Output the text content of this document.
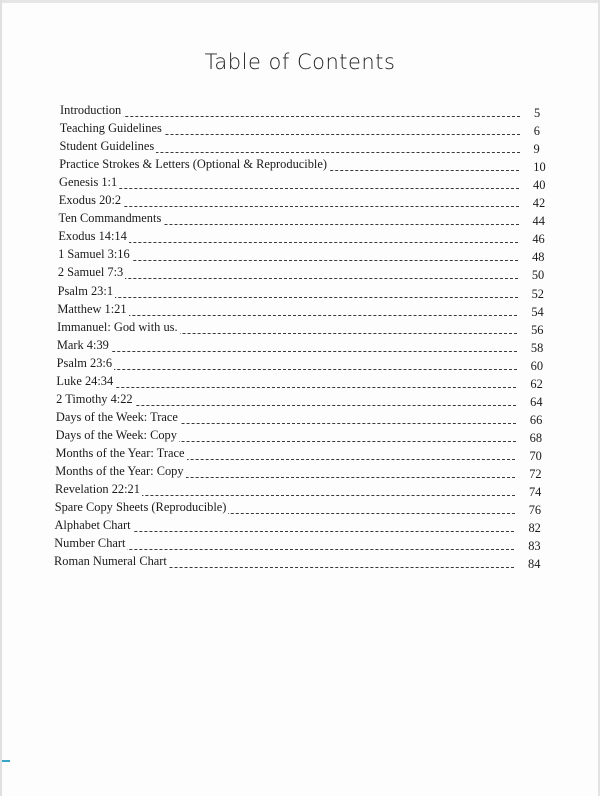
Table of Contents
Introduction	5
Teaching Guidelines	6
Student Guidelines	9
Practice Strokes & Letters (Optional & Reproducible)	10
Genesis 1:1	40
Exodus 20:2	42
Ten Commandments	44
Exodus 14:14	46
1 Samuel 3:16	48
2 Samuel 7:3	50
Psalm 23:1	52
Matthew 1:21	54
Immanuel: God with us.	56
Mark 4:39	58
Psalm 23:6	60
Luke 24:34	62
2 Timothy 4:22	64
Days of the Week: Trace	66
Days of the Week: Copy	68
Months of the Year: Trace	70
Months of the Year: Copy	72
Revelation 22:21	74
Spare Copy Sheets (Reproducible)	76
Alphabet Chart	82
Number Chart	83
Roman Numeral Chart	84
